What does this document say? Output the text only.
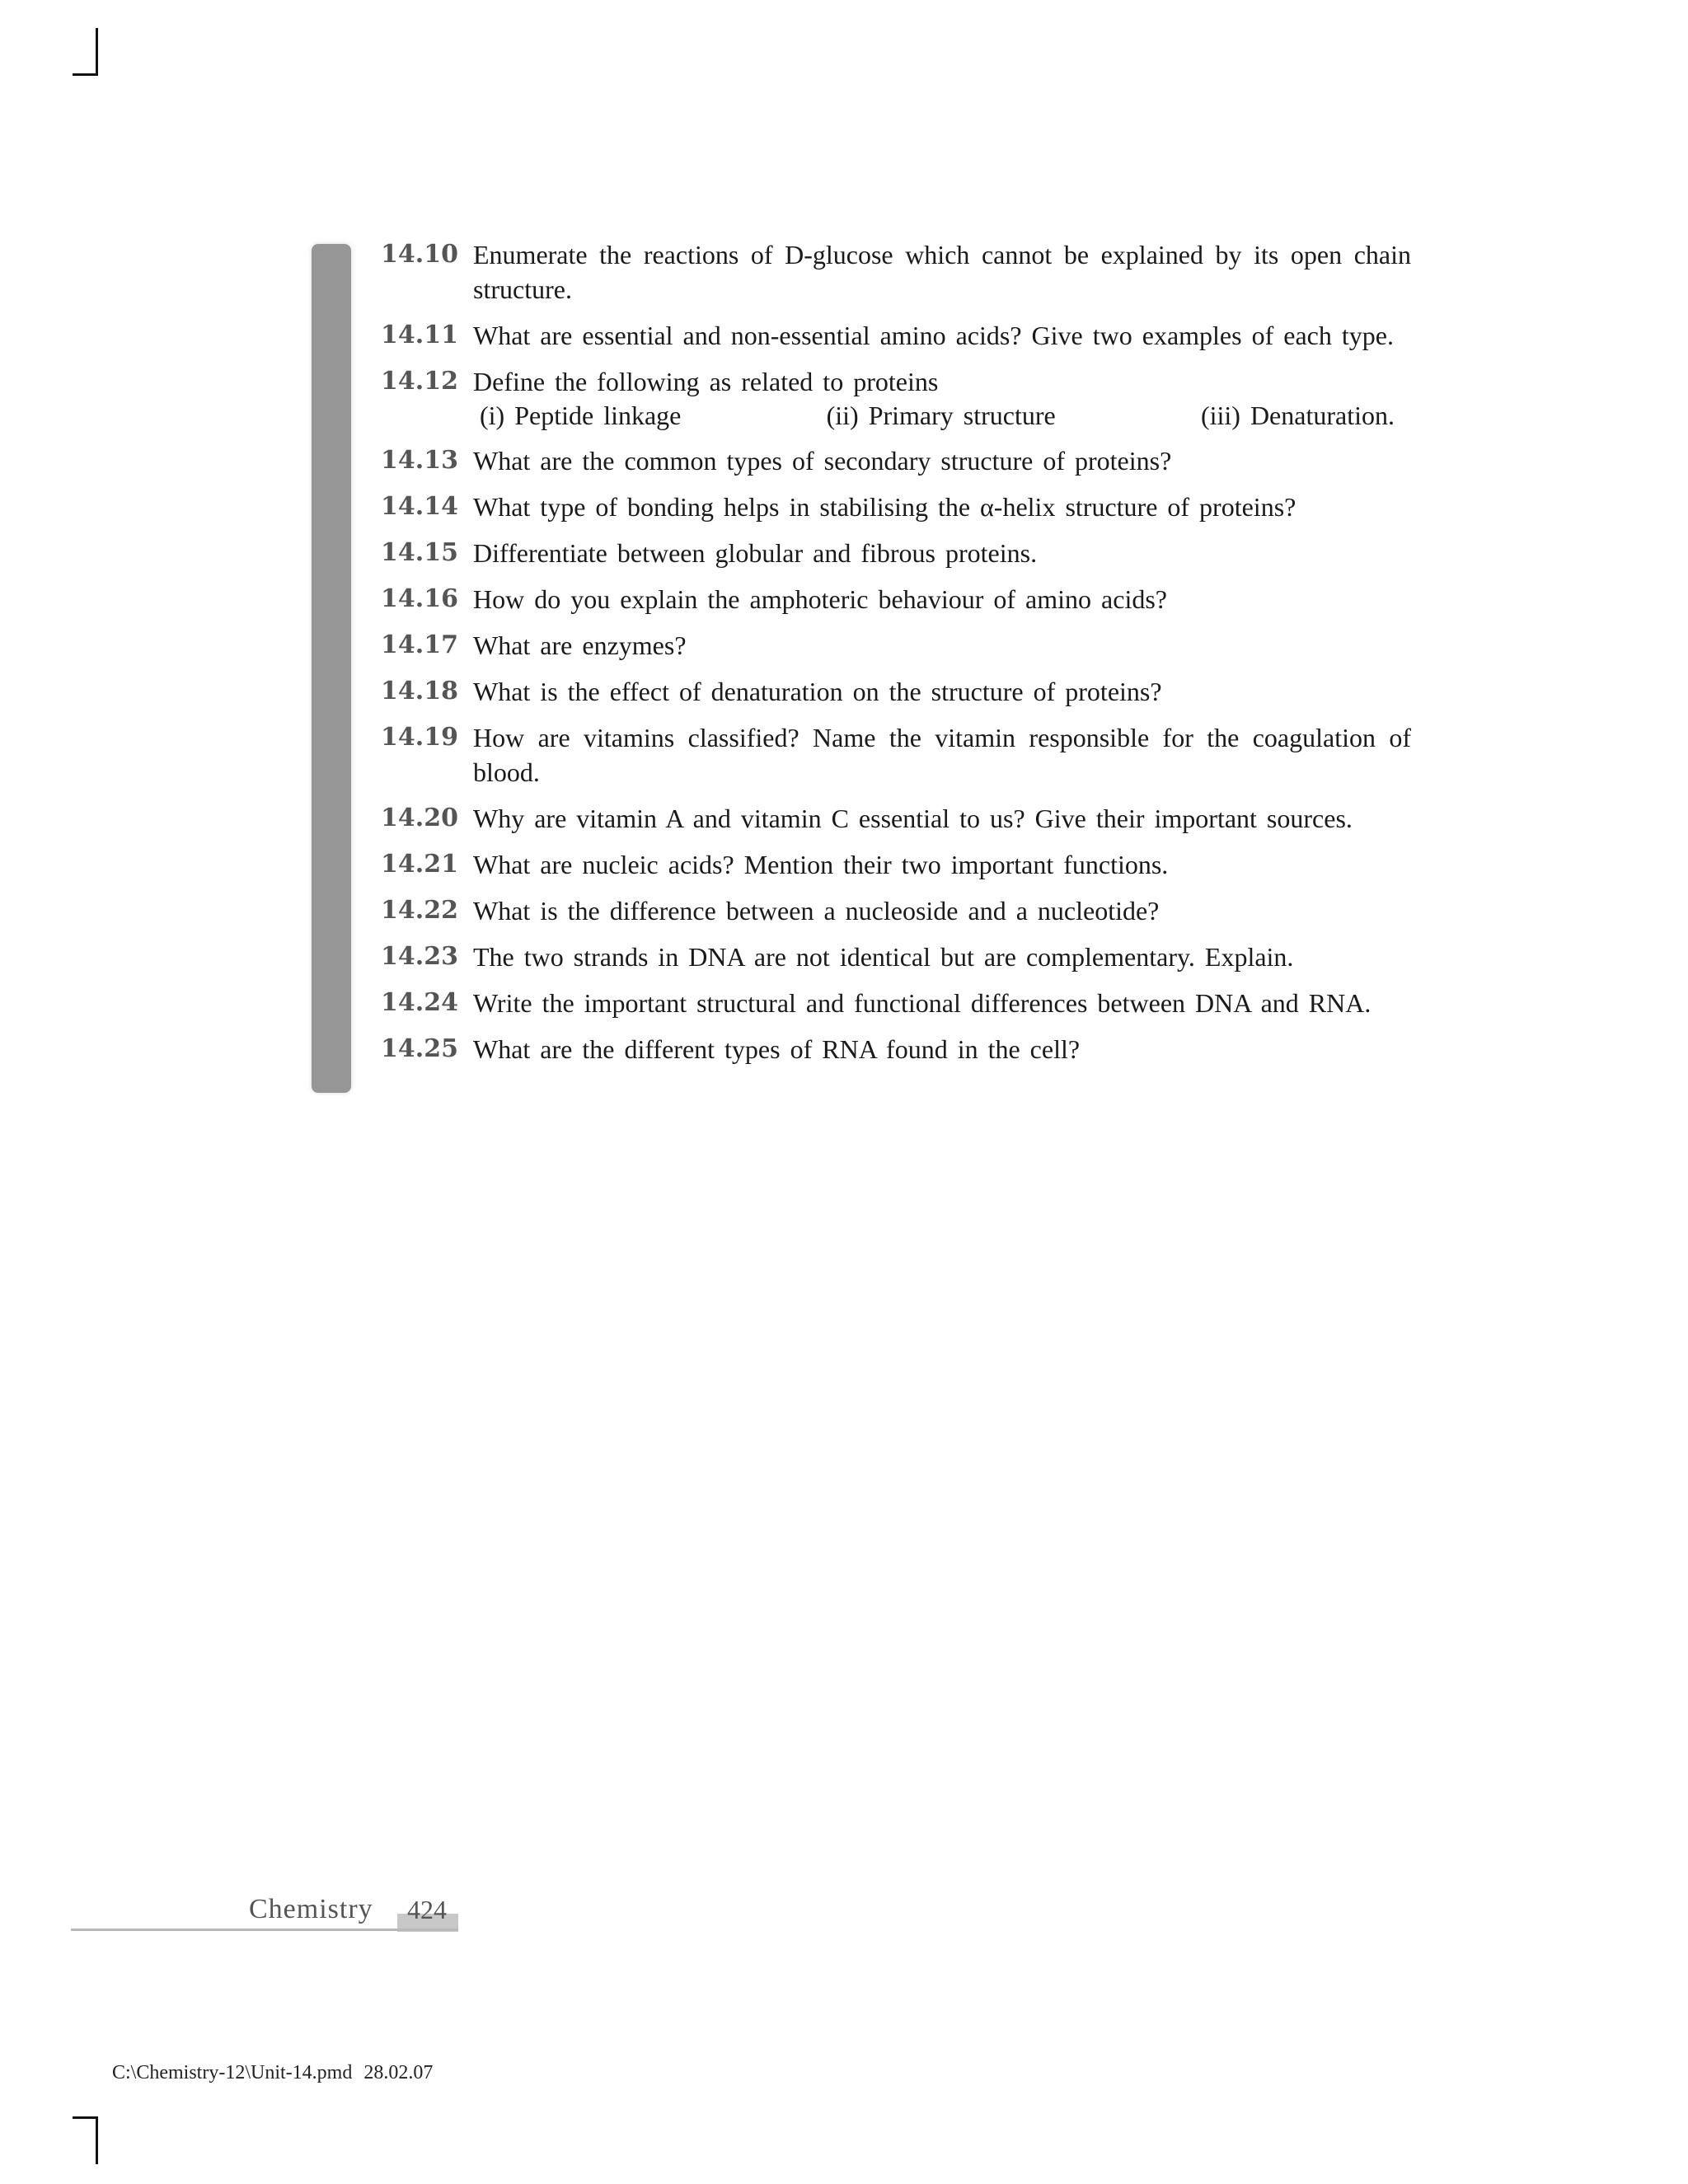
14.10 Enumerate the reactions of D-glucose which cannot be explained by its open chain structure.
14.11 What are essential and non-essential amino acids? Give two examples of each type.
14.12 Define the following as related to proteins
(i) Peptide linkage	(ii) Primary structure	(iii) Denaturation.
14.13 What are the common types of secondary structure of proteins?
14.14 What type of bonding helps in stabilising the α-helix structure of proteins?
14.15 Differentiate between globular and fibrous proteins.
14.16 How do you explain the amphoteric behaviour of amino acids?
14.17 What are enzymes?
14.18 What is the effect of denaturation on the structure of proteins?
14.19 How are vitamins classified? Name the vitamin responsible for the coagulation of blood.
14.20 Why are vitamin A and vitamin C essential to us? Give their important sources.
14.21 What are nucleic acids? Mention their two important functions.
14.22 What is the difference between a nucleoside and a nucleotide?
14.23 The two strands in DNA are not identical but are complementary. Explain.
14.24 Write the important structural and functional differences between DNA and RNA.
14.25 What are the different types of RNA found in the cell?
Chemistry	424
C:\Chemistry-12\Unit-14.pmd 28.02.07
